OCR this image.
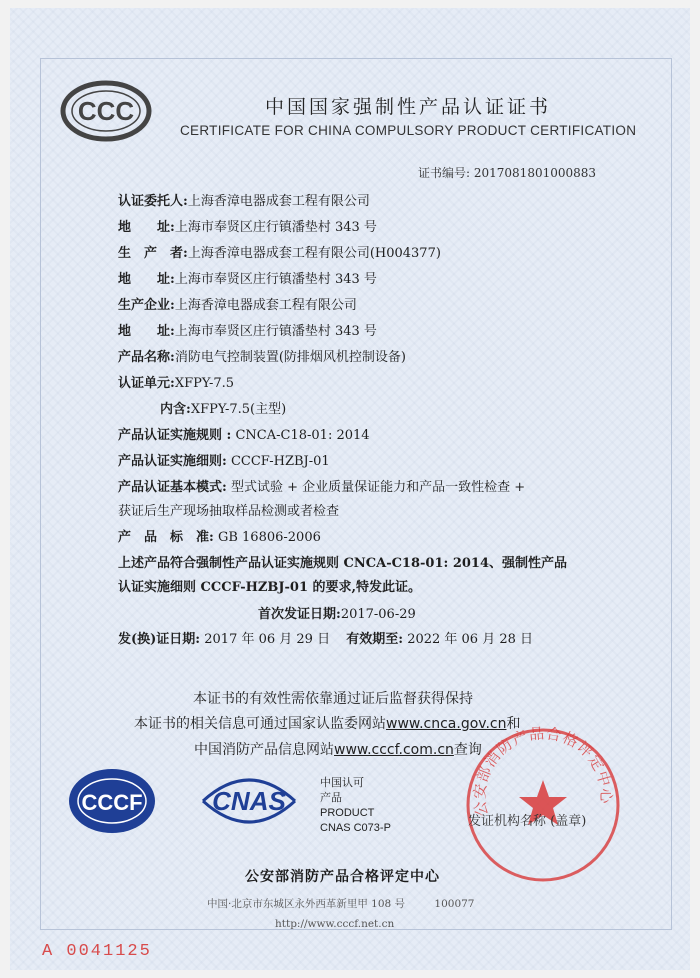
CCC	中国国家强制性产品认证证书
CERTIFICATE FOR CHINA COMPULSORY PRODUCT CERTIFICATION
证书编号: 2017081801000883
认证委托人:上海香漳电器成套工程有限公司
地　　址:上海市奉贤区庄行镇潘垫村 343 号
生　产　者:上海香漳电器成套工程有限公司(H004377)
地　　址:上海市奉贤区庄行镇潘垫村 343 号
生产企业:上海香漳电器成套工程有限公司
地　　址:上海市奉贤区庄行镇潘垫村 343 号
产品名称:消防电气控制装置(防排烟风机控制设备)
认证单元:XFPY-7.5
内含:XFPY-7.5(主型)
产品认证实施规则 : CNCA-C18-01: 2014
产品认证实施细则: CCCF-HZBJ-01
产品认证基本模式: 型式试验 + 企业质量保证能力和产品一致性检查 +
获证后生产现场抽取样品检测或者检查
产　品　标　准: GB 16806-2006
上述产品符合强制性产品认证实施规则 CNCA-C18-01: 2014、强制性产品
认证实施细则 CCCF-HZBJ-01 的要求,特发此证。
首次发证日期:2017-06-29
发(换)证日期: 2017 年 06 月 29 日 有效期至: 2022 年 06 月 28 日
本证书的有效性需依靠通过证后监督获得保持
本证书的相关信息可通过国家认监委网站www.cnca.gov.cn和
中国消防产品信息网站www.cccf.com.cn查询
CCCF	CNAS
中国认可
产品
PRODUCT
CNAS C073-P
公安部消防产品合格评定中心
发证机构名称 (盖章)
公安部消防产品合格评定中心
中国·北京市东城区永外西革新里甲 108 号	100077
http://www.cccf.net.cn
A 0041125
